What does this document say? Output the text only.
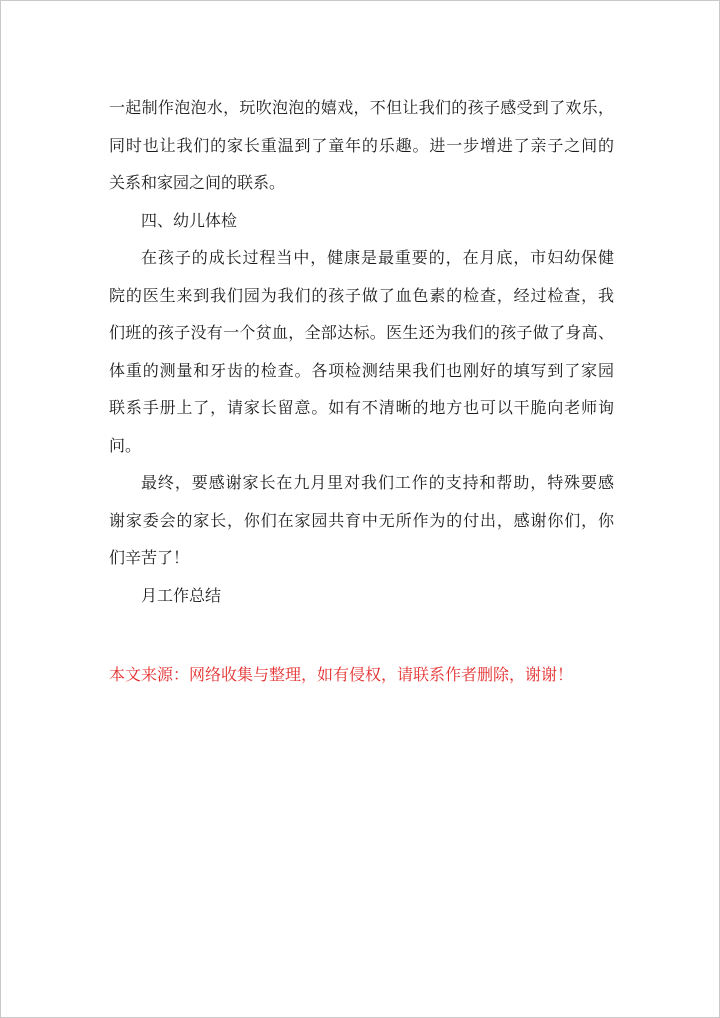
一起制作泡泡水，玩吹泡泡的嬉戏，不但让我们的孩子感受到了欢乐，
同时也让我们的家长重温到了童年的乐趣。进一步增进了亲子之间的
关系和家园之间的联系。
四、幼儿体检
在孩子的成长过程当中，健康是最重要的，在月底，市妇幼保健
院的医生来到我们园为我们的孩子做了血色素的检查，经过检查，我
们班的孩子没有一个贫血，全部达标。医生还为我们的孩子做了身高、
体重的测量和牙齿的检查。各项检测结果我们也刚好的填写到了家园
联系手册上了，请家长留意。如有不清晰的地方也可以干脆向老师询
问。
最终，要感谢家长在九月里对我们工作的支持和帮助，特殊要感
谢家委会的家长，你们在家园共育中无所作为的付出，感谢你们，你
们辛苦了！
月工作总结
本文来源：网络收集与整理，如有侵权，请联系作者删除，谢谢！
